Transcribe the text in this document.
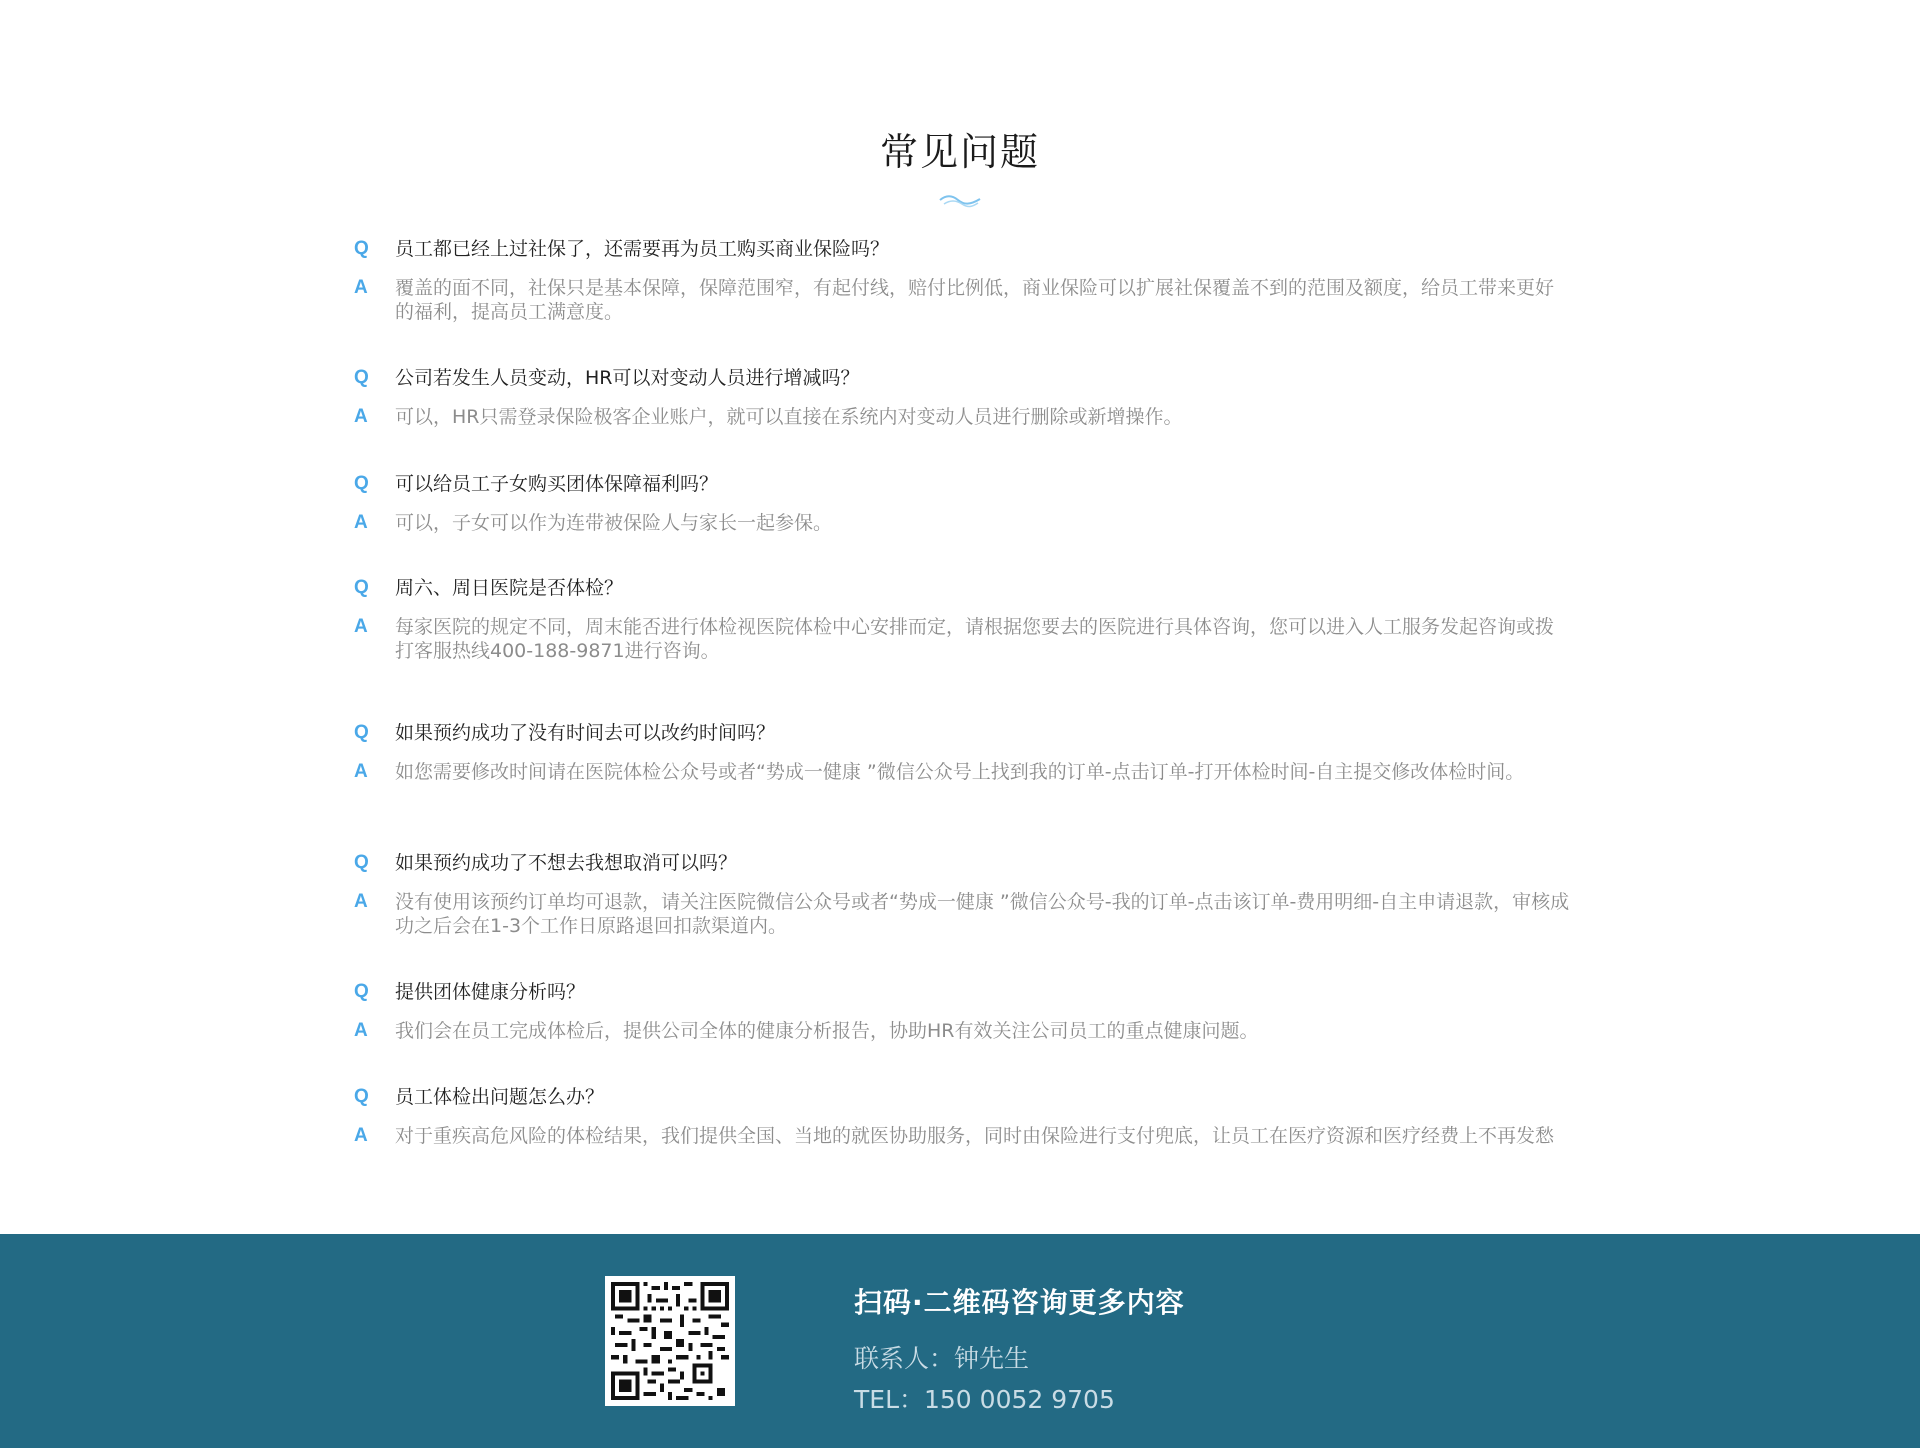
常见问题
Q 员工都已经上过社保了，还需要再为员工购买商业保险吗？
A	覆盖的面不同，社保只是基本保障，保障范围窄，有起付线，赔付比例低，商业保险可以扩展社保覆盖不到的范围及额度，给员工带来更好的福利，提高员工满意度。
Q 公司若发生人员变动，HR可以对变动人员进行增减吗？
A	可以，HR只需登录保险极客企业账户，就可以直接在系统内对变动人员进行删除或新增操作。
Q 可以给员工子女购买团体保障福利吗？
A	可以，子女可以作为连带被保险人与家长一起参保。
Q 周六、周日医院是否体检？
A	每家医院的规定不同，周末能否进行体检视医院体检中心安排而定，请根据您要去的医院进行具体咨询，您可以进入人工服务发起咨询或拨打客服热线400-188-9871进行咨询。
Q 如果预约成功了没有时间去可以改约时间吗？
A	如您需要修改时间请在医院体检公众号或者“势成一健康 ”微信公众号上找到我的订单-点击订单-打开体检时间-自主提交修改体检时间。
Q 如果预约成功了不想去我想取消可以吗？
A	没有使用该预约订单均可退款，请关注医院微信公众号或者“势成一健康 ”微信公众号-我的订单-点击该订单-费用明细-自主申请退款，审核成功之后会在1-3个工作日原路退回扣款渠道内。
Q 提供团体健康分析吗？
A	我们会在员工完成体检后，提供公司全体的健康分析报告，协助HR有效关注公司员工的重点健康问题。
Q 员工体检出问题怎么办？
A	对于重疾高危风险的体检结果，我们提供全国、当地的就医协助服务，同时由保险进行支付兜底，让员工在医疗资源和医疗经费上不再发愁
扫码·二维码咨询更多内容
联系人：钟先生
TEL：150 0052 9705
